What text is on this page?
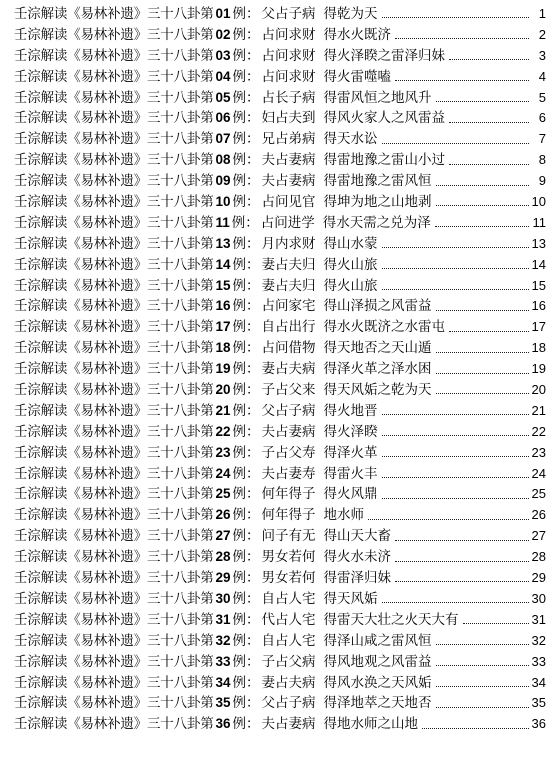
壬淙解读《易林补遗》三十八卦第 01 例： 父占子病 得乾为天	1
壬淙解读《易林补遗》三十八卦第 02 例： 占问求财 得水火既济	2
壬淙解读《易林补遗》三十八卦第 03 例： 占问求财 得火泽睽之雷泽归妹	3
壬淙解读《易林补遗》三十八卦第 04 例： 占问求财 得火雷噬嗑	4
壬淙解读《易林补遗》三十八卦第 05 例： 占长子病 得雷风恒之地风升	5
壬淙解读《易林补遗》三十八卦第 06 例： 妇占夫到 得风火家人之风雷益	6
壬淙解读《易林补遗》三十八卦第 07 例： 兄占弟病 得天水讼	7
壬淙解读《易林补遗》三十八卦第 08 例： 夫占妻病 得雷地豫之雷山小过	8
壬淙解读《易林补遗》三十八卦第 09 例： 夫占妻病 得雷地豫之雷风恒	9
壬淙解读《易林补遗》三十八卦第 10 例： 占问见官 得坤为地之山地剥	10
壬淙解读《易林补遗》三十八卦第 11 例： 占问进学 得水天需之兑为泽	11
壬淙解读《易林补遗》三十八卦第 13 例： 月内求财 得山水蒙	13
壬淙解读《易林补遗》三十八卦第 14 例： 妻占夫归 得火山旅	14
壬淙解读《易林补遗》三十八卦第 15 例： 妻占夫归 得火山旅	15
壬淙解读《易林补遗》三十八卦第 16 例： 占问家宅 得山泽损之风雷益	16
壬淙解读《易林补遗》三十八卦第 17 例： 自占出行 得水火既济之水雷屯	17
壬淙解读《易林补遗》三十八卦第 18 例： 占问借物 得天地否之天山遁	18
壬淙解读《易林补遗》三十八卦第 19 例： 妻占夫病 得泽火革之泽水困	19
壬淙解读《易林补遗》三十八卦第 20 例： 子占父来 得天风姤之乾为天	20
壬淙解读《易林补遗》三十八卦第 21 例： 父占子病 得火地晋	21
壬淙解读《易林补遗》三十八卦第 22 例： 夫占妻病 得火泽睽	22
壬淙解读《易林补遗》三十八卦第 23 例： 子占父寿 得泽火革	23
壬淙解读《易林补遗》三十八卦第 24 例： 夫占妻寿 得雷火丰	24
壬淙解读《易林补遗》三十八卦第 25 例： 何年得子 得火风鼎	25
壬淙解读《易林补遗》三十八卦第 26 例： 何年得子 地水师	26
壬淙解读《易林补遗》三十八卦第 27 例： 问子有无 得山天大畜	27
壬淙解读《易林补遗》三十八卦第 28 例： 男女若何 得火水未济	28
壬淙解读《易林补遗》三十八卦第 29 例： 男女若何 得雷泽归妹	29
壬淙解读《易林补遗》三十八卦第 30 例： 自占人宅 得天风姤	30
壬淙解读《易林补遗》三十八卦第 31 例： 代占人宅 得雷天大壮之火天大有	31
壬淙解读《易林补遗》三十八卦第 32 例： 自占人宅 得泽山咸之雷风恒	32
壬淙解读《易林补遗》三十八卦第 33 例： 子占父病 得风地观之风雷益	33
壬淙解读《易林补遗》三十八卦第 34 例： 妻占夫病 得风水涣之天风姤	34
壬淙解读《易林补遗》三十八卦第 35 例： 父占子病 得泽地萃之天地否	35
壬淙解读《易林补遗》三十八卦第 36 例： 夫占妻病 得地水师之山地	36
